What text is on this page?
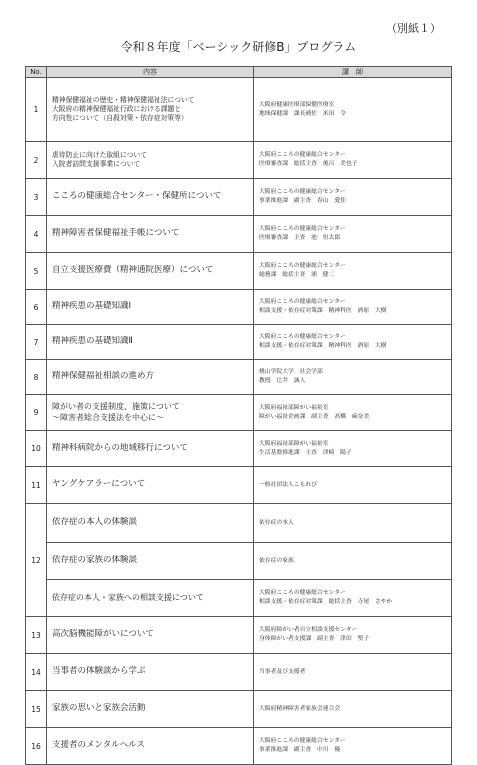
（別紙１）
令和８年度「ベーシック研修B」プログラム
No.	内容	講　師
1	精神保健福祉の歴史・精神保健福祉法について
大阪府の精神保健福祉行政における課題と
方向性について（自殺対策・依存症対策等）	大阪府健康医療部保健医療室
地域保健課　課長補佐　米田　令

2	虐待防止に向けた取組について
入院者訪問支援事業について	大阪府こころの健康総合センター
医療審査課　総括主査　後呂　美也子

3	こころの健康総合センター・保健所について	大阪府こころの健康総合センター
事業推進課　副主査　春山　愛佳

4	精神障害者保健福祉手帳について	大阪府こころの健康総合センター
医療審査課　主査　池　恒太郎

5	自立支援医療費（精神通院医療）について	大阪府こころの健康総合センター
総務課　総括主査　浦　健二

6	精神疾患の基礎知識Ⅰ	大阪府こころの健康総合センター
相談支援・依存症対策課　精神科医　酒原　大樹

7	精神疾患の基礎知識Ⅱ	大阪府こころの健康総合センター
相談支援・依存症対策課　精神科医　酒原　大樹

8	精神保健福祉相談の進め方	桃山学院大学　社会学部
教授　辻井　誠人

9	障がい者の支援制度、施策について
～障害者総合支援法を中心に～	大阪府福祉部障がい福祉室
障がい福祉企画課　副主査　髙橋　麻奈美

10	精神科病院からの地域移行について	大阪府福祉部障がい福祉室
生活基盤推進課　主査　津崎　陽子

11	ヤングケアラーについて	一般社団法人こもれび

12	依存症の本人の体験談	依存症の本人

	依存症の家族の体験談	依存症の家族

	依存症の本人・家族への相談支援について	大阪府こころの健康総合センター
相談支援・依存症対策課　総括主査　寺尾　さやか

13	高次脳機能障がいについて	大阪府障がい者自立相談支援センター
身体障がい者支援課　副主査　津田　聖子

14	当事者の体験談から学ぶ	当事者及び支援者

15	家族の思いと家族会活動	大阪府精神障害者家族会連合会

16	支援者のメンタルヘルス	大阪府こころの健康総合センター
事業推進課　副主査　中川　優
